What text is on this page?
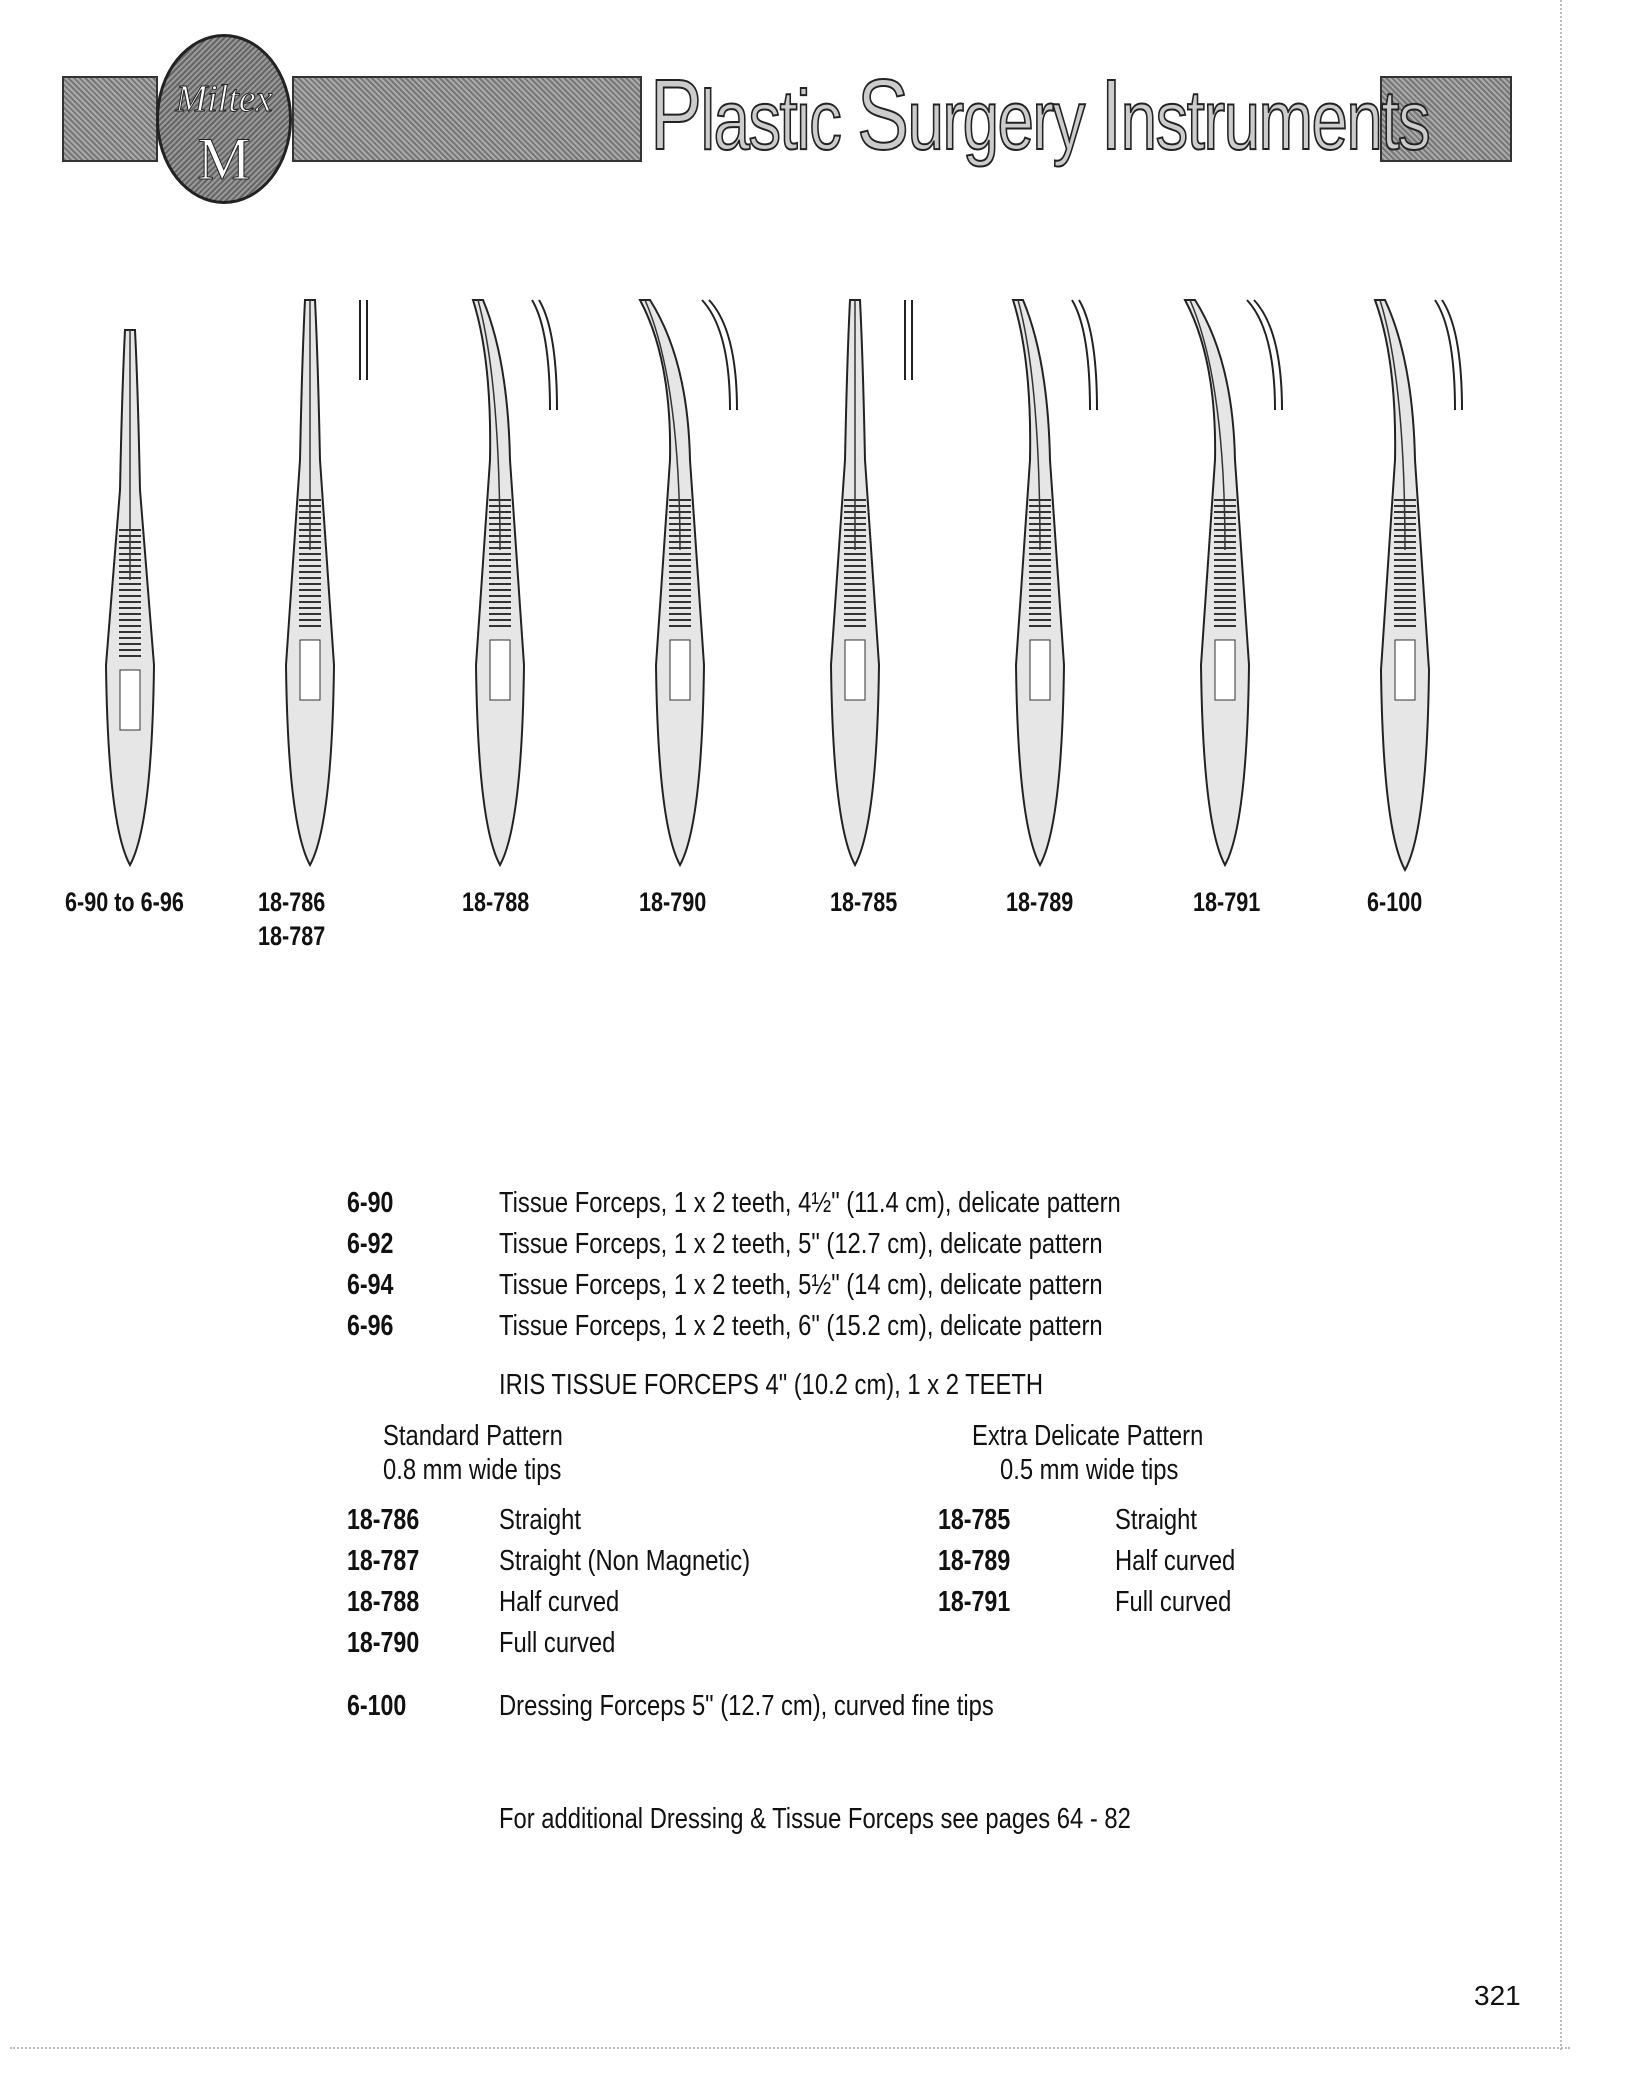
Miltex
M	Plastic Surgery Instruments
6-90 to 6-96	18-786
18-787
18-788	18-790	18-785	18-789	18-791	6-100
6-90	Tissue Forceps, 1 x 2 teeth, 4½" (11.4 cm), delicate pattern
6-92	Tissue Forceps, 1 x 2 teeth, 5" (12.7 cm), delicate pattern
6-94	Tissue Forceps, 1 x 2 teeth, 5½" (14 cm), delicate pattern
6-96	Tissue Forceps, 1 x 2 teeth, 6" (15.2 cm), delicate pattern
IRIS TISSUE FORCEPS 4" (10.2 cm), 1 x 2 TEETH
Standard Pattern
0.8 mm wide tips
Extra Delicate Pattern
0.5 mm wide tips
18-786	Straight
18-787	Straight (Non Magnetic)
18-788	Half curved
18-790	Full curved
18-785	Straight
18-789	Half curved
18-791	Full curved
6-100	Dressing Forceps 5" (12.7 cm), curved fine tips
For additional Dressing & Tissue Forceps see pages 64 - 82
321
